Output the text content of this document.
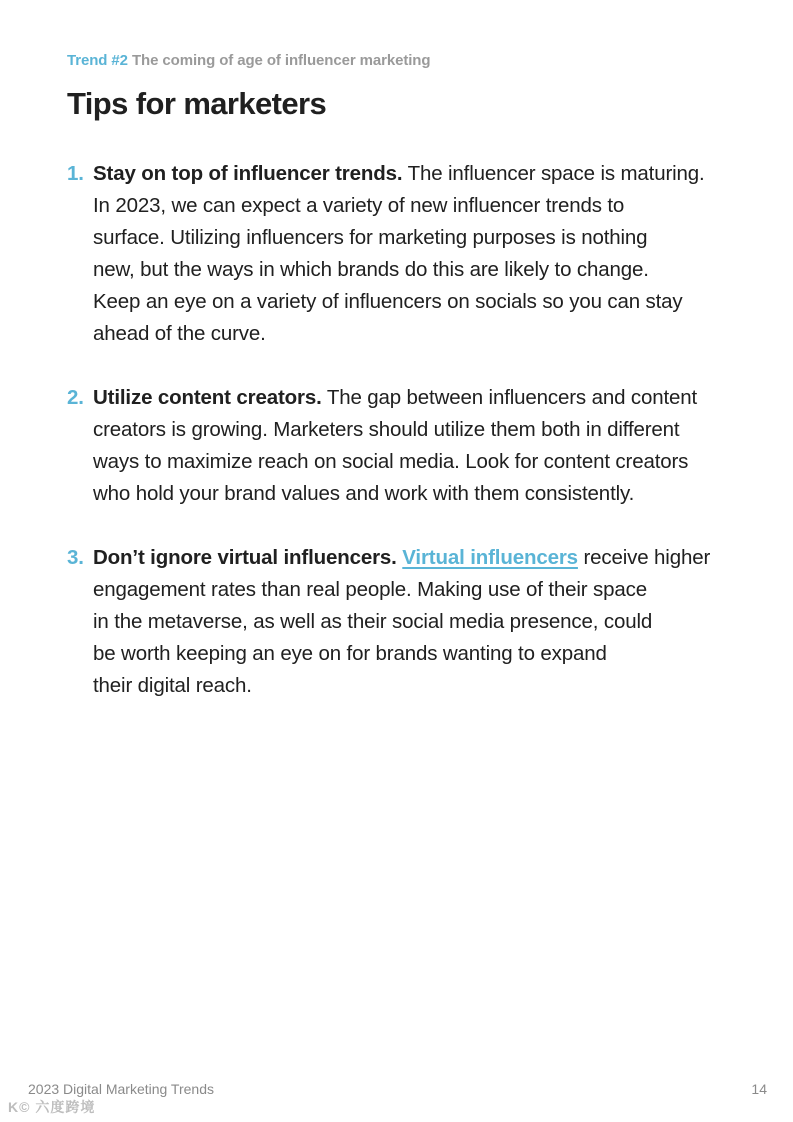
Trend #2 The coming of age of influencer marketing
Tips for marketers
1. Stay on top of influencer trends. The influencer space is maturing.
In 2023, we can expect a variety of new influencer trends to
surface. Utilizing influencers for marketing purposes is nothing
new, but the ways in which brands do this are likely to change.
Keep an eye on a variety of influencers on socials so you can stay
ahead of the curve.
2. Utilize content creators. The gap between influencers and content
creators is growing. Marketers should utilize them both in different
ways to maximize reach on social media. Look for content creators
who hold your brand values and work with them consistently.
3. Don’t ignore virtual influencers. Virtual influencers receive higher
engagement rates than real people. Making use of their space
in the metaverse, as well as their social media presence, could
be worth keeping an eye on for brands wanting to expand
their digital reach.
2023 Digital Marketing Trends	14
K© 六度跨境
